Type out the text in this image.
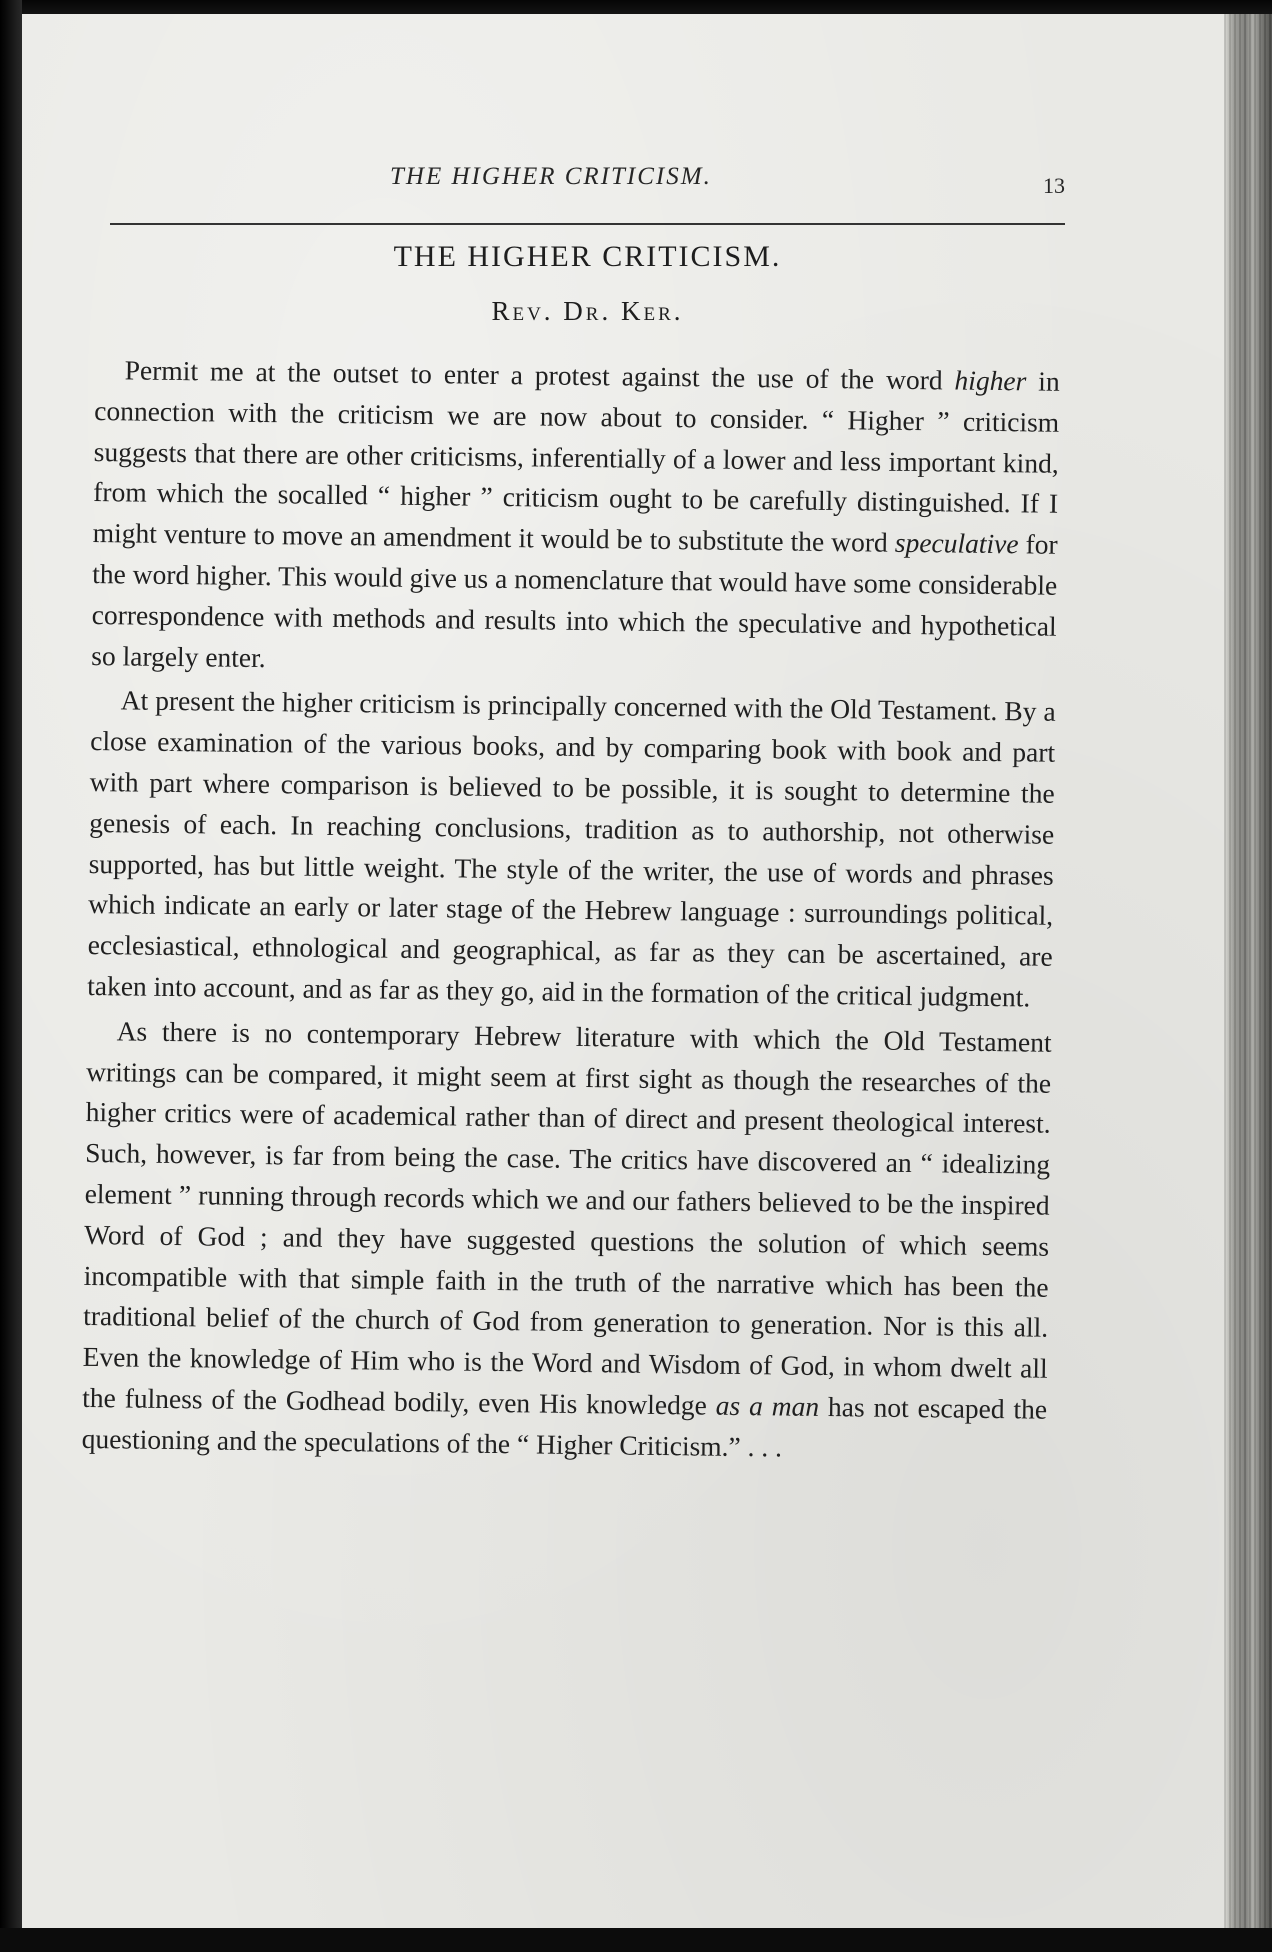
THE HIGHER CRITICISM.	13
THE HIGHER CRITICISM.
Rev. Dr. Ker.

Permit me at the outset to enter a protest against the use of the word higher in connection with the criticism we are now about to consider. “ Higher ” criticism suggests that there are other criticisms, inferentially of a lower and less important kind, from which the socalled “ higher ” criticism ought to be carefully distinguished. If I might venture to move an amendment it would be to substitute the word speculative for the word higher. This would give us a nomenclature that would have some considerable correspondence with methods and results into which the speculative and hypothetical so largely enter.

At present the higher criticism is principally concerned with the Old Testament. By a close examination of the various books, and by comparing book with book and part with part where comparison is believed to be possible, it is sought to determine the genesis of each. In reaching conclusions, tradition as to authorship, not otherwise supported, has but little weight. The style of the writer, the use of words and phrases which indicate an early or later stage of the Hebrew language : surroundings political, ecclesiastical, ethnological and geographical, as far as they can be ascertained, are taken into account, and as far as they go, aid in the formation of the critical judgment.

As there is no contemporary Hebrew literature with which the Old Testament writings can be compared, it might seem at first sight as though the researches of the higher critics were of academical rather than of direct and present theological interest. Such, however, is far from being the case. The critics have discovered an “ idealizing element ” running through records which we and our fathers believed to be the inspired Word of God ; and they have suggested questions the solution of which seems incompatible with that simple faith in the truth of the narrative which has been the traditional belief of the church of God from generation to generation. Nor is this all. Even the knowledge of Him who is the Word and Wisdom of God, in whom dwelt all the fulness of the Godhead bodily, even His knowledge as a man has not escaped the questioning and the speculations of the “ Higher Criticism.” . . .
